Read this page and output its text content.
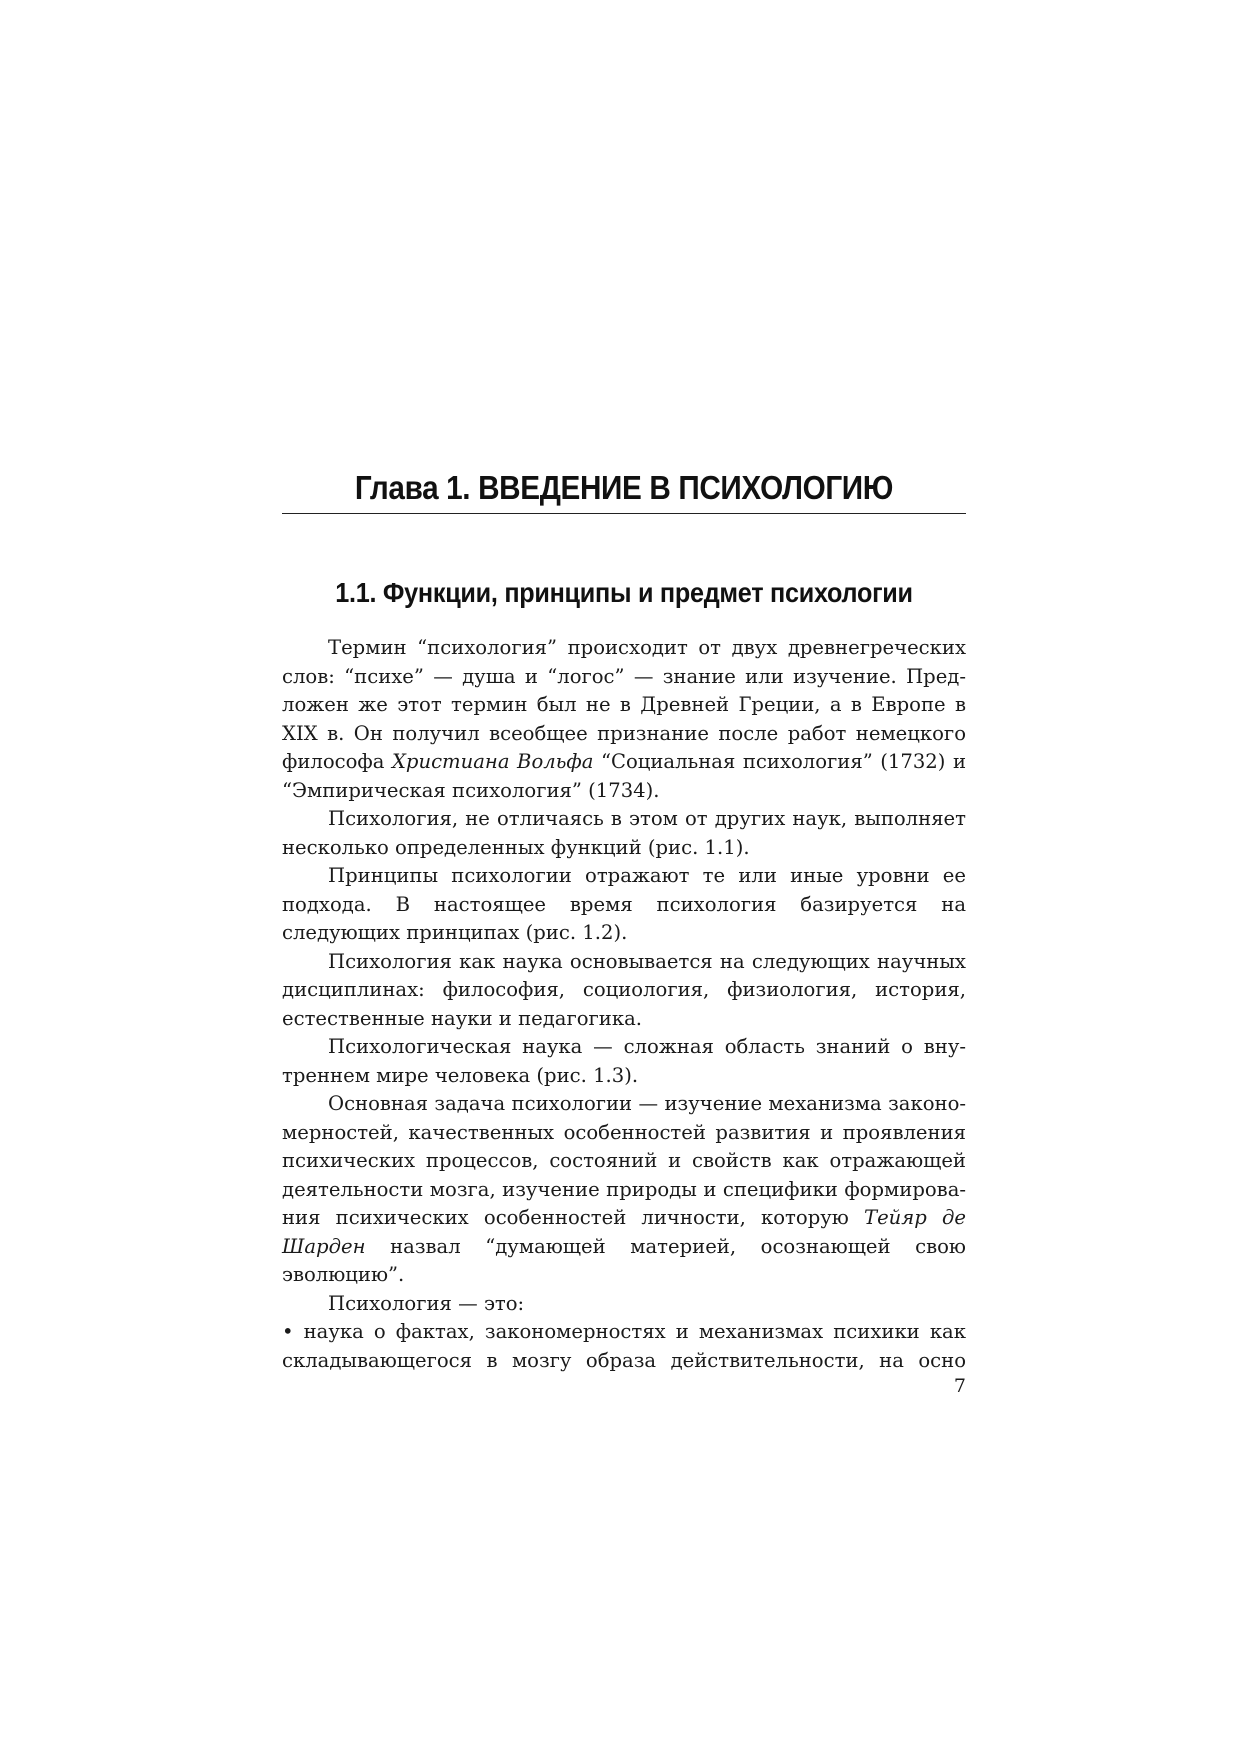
Глава 1. ВВЕДЕНИЕ В ПСИХОЛОГИЮ
1.1. Функции, принципы и предмет психологии

Термин “психология” происходит от двух древнегреческих слов: “психе” — душа и “логос” — знание или изучение. Предложен же этот термин был не в Древней Греции, а в Европе в XIX в. Он получил всеобщее признание после работ немецкого философа Христиана Вольфа “Социальная психология” (1732) и “Эмпирическая психология” (1734).

Психология, не отличаясь в этом от других наук, выполняет несколько определенных функций (рис. 1.1).

Принципы психологии отражают те или иные уровни ее подхода. В настоящее время психология базируется на следующих принципах (рис. 1.2).

Психология как наука основывается на следующих научных дисциплинах: философия, социология, физиология, история, естественные науки и педагогика.

Психологическая наука — сложная область знаний о внутреннем мире человека (рис. 1.3).

Основная задача психологии — изучение механизма закономерностей, качественных особенностей развития и проявления психических процессов, состояний и свойств как отражающей деятельности мозга, изучение природы и специфики формирования психических особенностей личности, которую Тейяр де Шарден назвал “думающей материей, осознающей свою эволюцию”.

Психология — это:

• наука о фактах, закономерностях и механизмах психики как складывающегося в мозгу образа действительности, на осно

7
